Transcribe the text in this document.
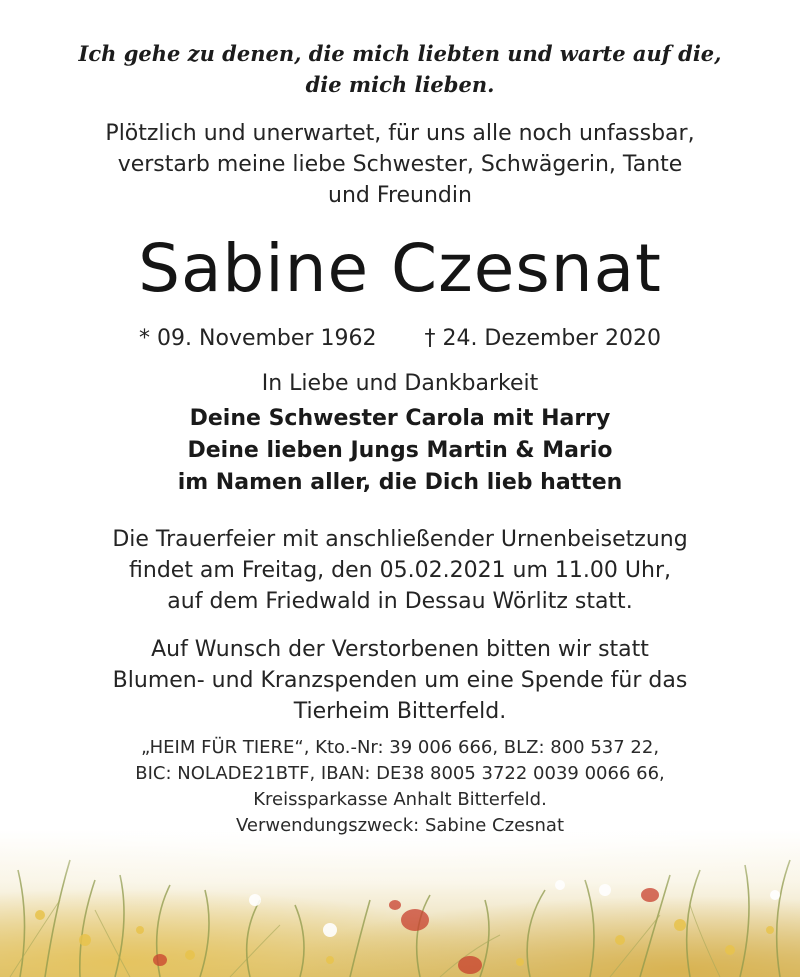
Ich gehe zu denen, die mich liebten und warte auf die,
die mich lieben.
Plötzlich und unerwartet, für uns alle noch unfassbar,
verstarb meine liebe Schwester, Schwägerin, Tante
und Freundin
Sabine Czesnat
* 09. November 1962 † 24. Dezember 2020
In Liebe und Dankbarkeit
Deine Schwester Carola mit Harry
Deine lieben Jungs Martin & Mario
im Namen aller, die Dich lieb hatten
Die Trauerfeier mit anschließender Urnenbeisetzung
findet am Freitag, den 05.02.2021 um 11.00 Uhr,
auf dem Friedwald in Dessau Wörlitz statt.
Auf Wunsch der Verstorbenen bitten wir statt
Blumen- und Kranzspenden um eine Spende für das
Tierheim Bitterfeld.
„HEIM FÜR TIERE“, Kto.-Nr: 39 006 666, BLZ: 800 537 22,
BIC: NOLADE21BTF, IBAN: DE38 8005 3722 0039 0066 66,
Kreissparkasse Anhalt Bitterfeld.
Verwendungszweck: Sabine Czesnat
